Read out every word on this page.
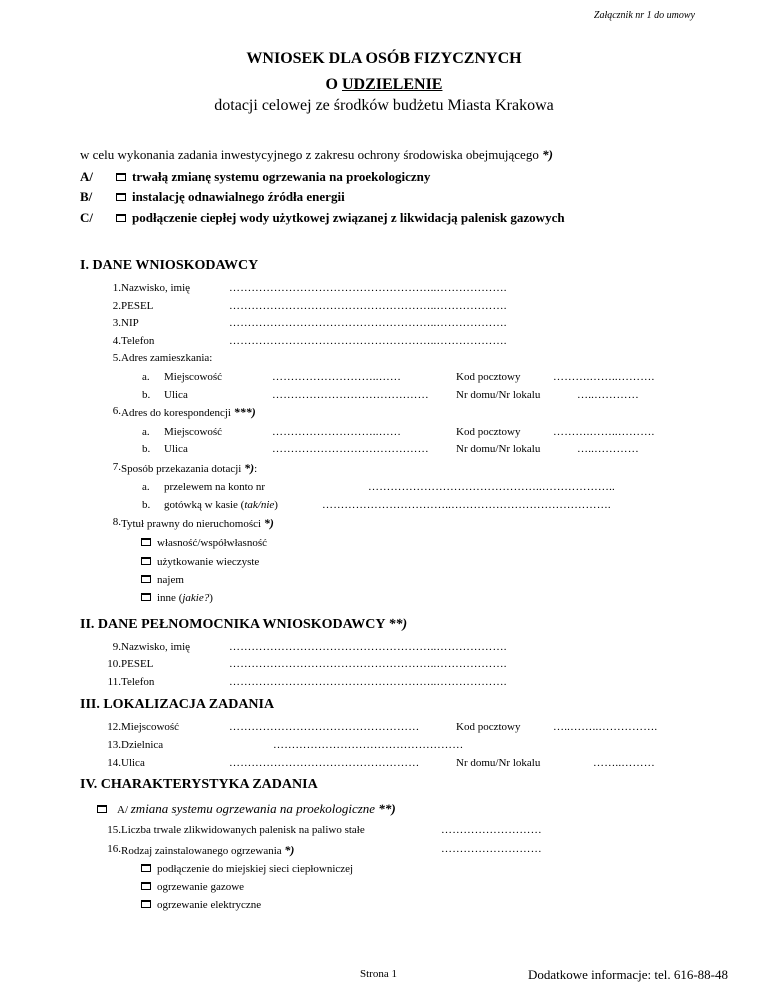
Załącznik nr 1 do umowy
WNIOSEK DLA OSÓB FIZYCZNYCH
O UDZIELENIE
dotacji celowej ze środków budżetu Miasta Krakowa
w celu wykonania zadania inwestycyjnego z zakresu ochrony środowiska obejmującego *)
A/	trwałą zmianę systemu ogrzewania na proekologiczny
B/	instalację odnawialnego źródła energii
C/	podłączenie ciepłej wody użytkowej związanej z likwidacją palenisk gazowych
I. DANE WNIOSKODAWCY
1. Nazwisko, imię	………………………………………………..……………….
2. PESEL	………………………………………………..……………….
3. NIP	………………………………………………..……………….
4. Telefon	………………………………………………..……………….
5. Adres zamieszkania:
a. Miejscowość	………………………..……	Kod pocztowy	……….……..……….
b. Ulica	…………………………………… Nr domu/Nr lokalu	…..…………
6. Adres do korespondencji ***)
a. Miejscowość	………………………..……	Kod pocztowy	……….……..……….
b. Ulica	…………………………………… Nr domu/Nr lokalu	…..…………
7. Sposób przekazania dotacji *):
a. przelewem na konto nr	………………………………………..………………..
b. gotówką w kasie (tak/nie)	……………………………..…………………………………….
8. Tytuł prawny do nieruchomości *)
własność/współwłasność
użytkowanie wieczyste
najem
inne (jakie?)
II. DANE PEŁNOMOCNIKA WNIOSKODAWCY **)
9. Nazwisko, imię	………………………………………………..……………….
10. PESEL	………………………………………………..……………….
11. Telefon	………………………………………………..……………….
III. LOKALIZACJA ZADANIA
12. Miejscowość	……………………………………………	Kod pocztowy	…..……..…………….
13. Dzielnica	……………………………………………
14. Ulica	……………………………………………	Nr domu/Nr lokalu	……..………
IV. CHARAKTERYSTYKA ZADANIA
A/ zmiana systemu ogrzewania na proekologiczne **)
15. Liczba trwale zlikwidowanych palenisk na paliwo stałe	………………………
16. Rodzaj zainstalowanego ogrzewania *)	………………………
podłączenie do miejskiej sieci ciepłowniczej
ogrzewanie gazowe
ogrzewanie elektryczne
Strona 1	Dodatkowe informacje: tel. 616-88-48
